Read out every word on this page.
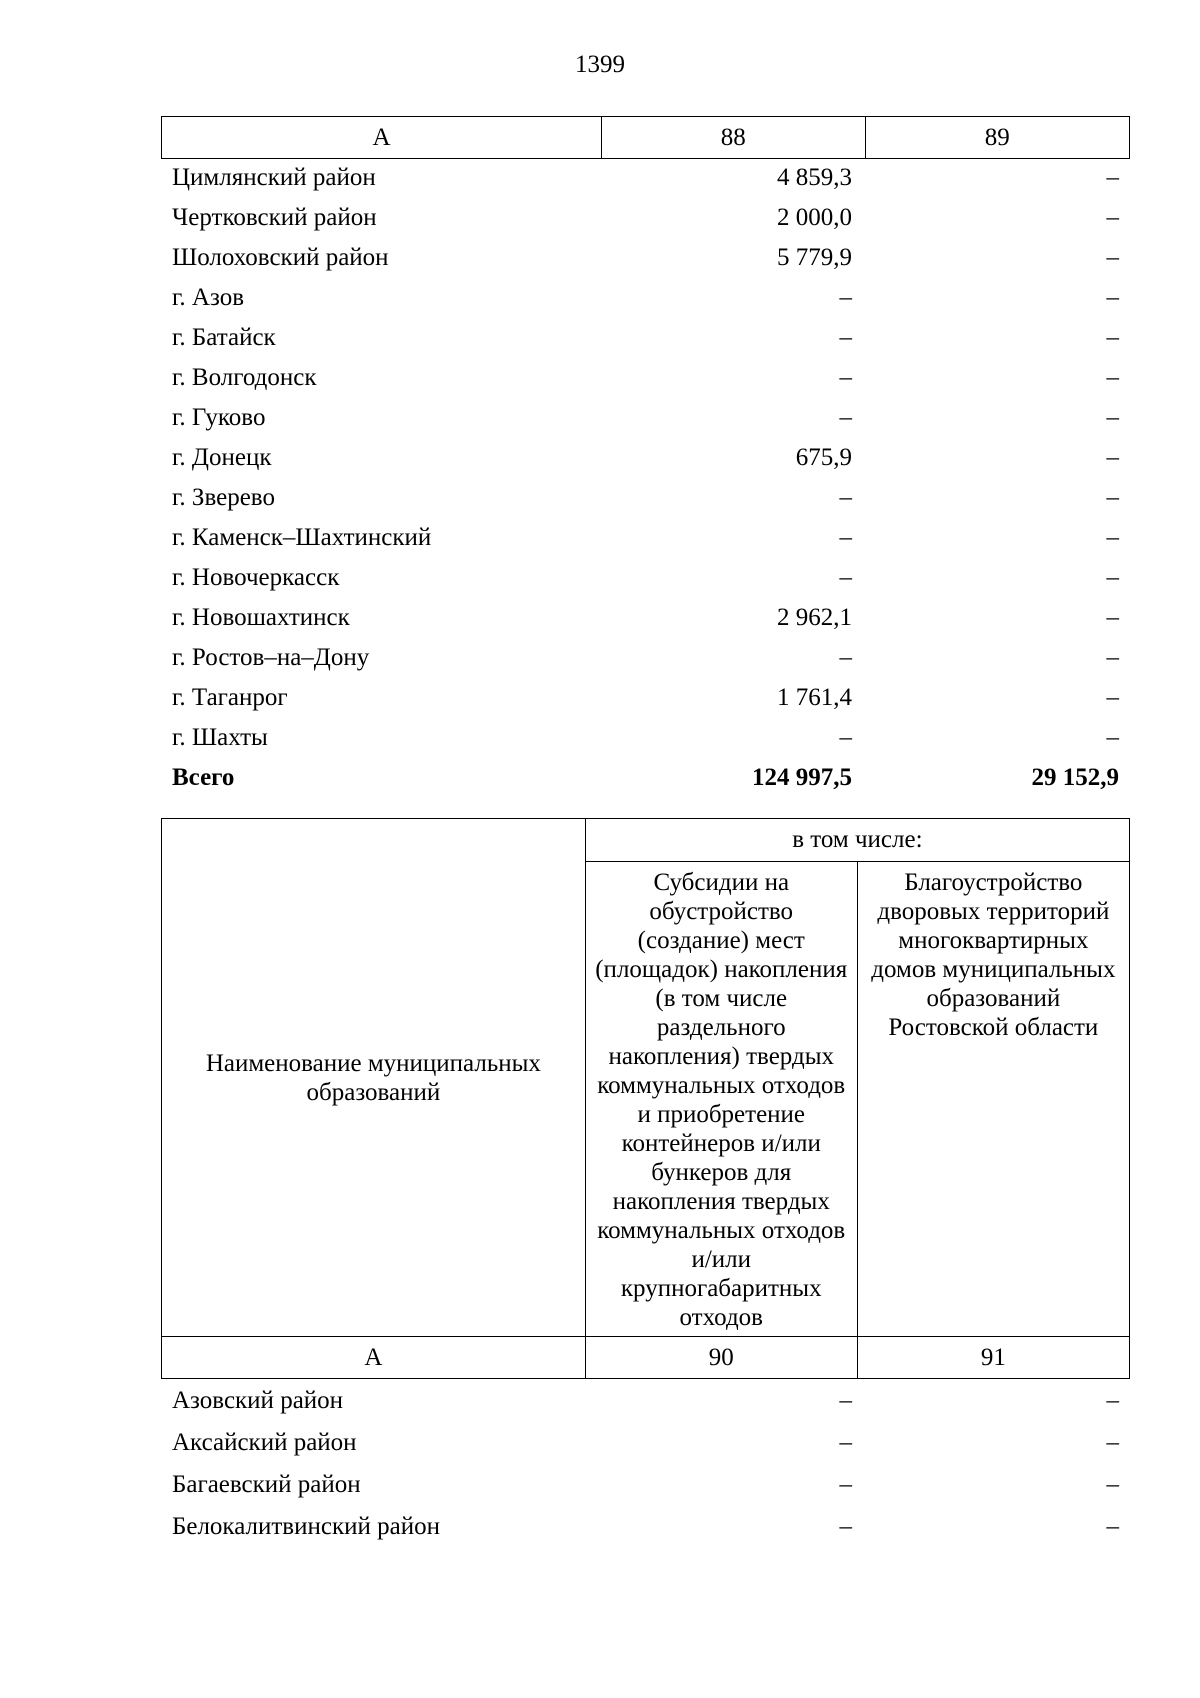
1399
А	88	89
Цимлянский район	4 859,3	–
Чертковский район	2 000,0	–
Шолоховский район	5 779,9	–
г. Азов	–	–
г. Батайск	–	–
г. Волгодонск	–	–
г. Гуково	–	–
г. Донецк	675,9	–
г. Зверево	–	–
г. Каменск–Шахтинский	–	–
г. Новочеркасск	–	–
г. Новошахтинск	2 962,1	–
г. Ростов–на–Дону	–	–
г. Таганрог	1 761,4	–
г. Шахты	–	–
Всего	124 997,5	29 152,9
Наименование муниципальных образований	в том числе:	
	Субсидии на обустройство (создание) мест (площадок) накопления (в том числе раздельного накопления) твердых коммунальных отходов и приобретение контейнеров и/или бункеров для накопления твердых коммунальных отходов и/или крупногабаритных отходов	Благоустройство дворовых территорий многоквартирных домов муниципальных образований Ростовской области
А	90	91
Азовский район	–	–
Аксайский район	–	–
Багаевский район	–	–
Белокалитвинский район	–	–
